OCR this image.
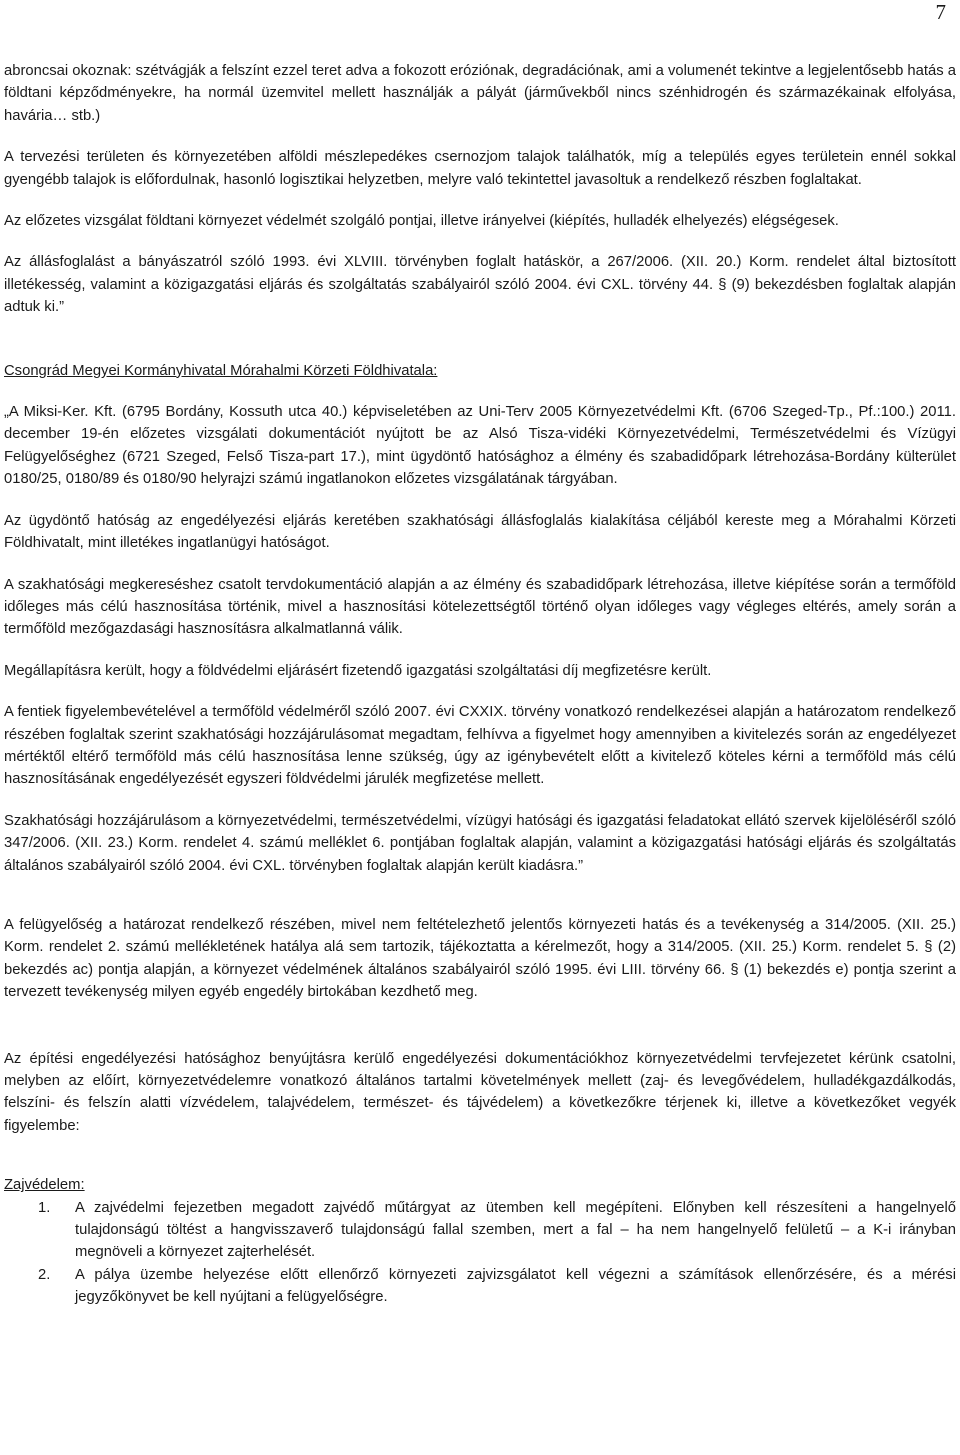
7

abroncsai okoznak: szétvágják a felszínt ezzel teret adva a fokozott eróziónak, degradációnak, ami a volumenét tekintve a legjelentősebb hatás a földtani képződményekre, ha normál üzemvitel mellett használják a pályát (járművekből nincs szénhidrogén és származékainak elfolyása, havária… stb.)

A tervezési területen és környezetében alföldi mészlepedékes csernozjom talajok találhatók, míg a település egyes területein ennél sokkal gyengébb talajok is előfordulnak, hasonló logisztikai helyzetben, melyre való tekintettel javasoltuk a rendelkező részben foglaltakat.

Az előzetes vizsgálat földtani környezet védelmét szolgáló pontjai, illetve irányelvei (kiépítés, hulladék elhelyezés) elégségesek.

Az állásfoglalást a bányászatról szóló 1993. évi XLVIII. törvényben foglalt hatáskör, a 267/2006. (XII. 20.) Korm. rendelet által biztosított illetékesség, valamint a közigazgatási eljárás és szolgáltatás szabályairól szóló 2004. évi CXL. törvény 44. § (9) bekezdésben foglaltak alapján adtuk ki.”

Csongrád Megyei Kormányhivatal Mórahalmi Körzeti Földhivatala:

„A Miksi-Ker. Kft. (6795 Bordány, Kossuth utca 40.) képviseletében az Uni-Terv 2005 Környezetvédelmi Kft. (6706 Szeged-Tp., Pf.:100.) 2011. december 19-én előzetes vizsgálati dokumentációt nyújtott be az Alsó Tisza-vidéki Környezetvédelmi, Természetvédelmi és Vízügyi Felügyelőséghez (6721 Szeged, Felső Tisza-part 17.), mint ügydöntő hatósághoz a élmény és szabadidőpark létrehozása-Bordány külterület 0180/25, 0180/89 és 0180/90 helyrajzi számú ingatlanokon előzetes vizsgálatának tárgyában.

Az ügydöntő hatóság az engedélyezési eljárás keretében szakhatósági állásfoglalás kialakítása céljából kereste meg a Mórahalmi Körzeti Földhivatalt, mint illetékes ingatlanügyi hatóságot.

A szakhatósági megkereséshez csatolt tervdokumentáció alapján a az élmény és szabadidőpark létrehozása, illetve kiépítése során a termőföld időleges más célú hasznosítása történik, mivel a hasznosítási kötelezettségtől történő olyan időleges vagy végleges eltérés, amely során a termőföld mezőgazdasági hasznosításra alkalmatlanná válik.

Megállapításra került, hogy a földvédelmi eljárásért fizetendő igazgatási szolgáltatási díj megfizetésre került.

A fentiek figyelembevételével a termőföld védelméről szóló 2007. évi CXXIX. törvény vonatkozó rendelkezései alapján a határozatom rendelkező részében foglaltak szerint szakhatósági hozzájárulásomat megadtam, felhívva a figyelmet hogy amennyiben a kivitelezés során az engedélyezet mértéktől eltérő termőföld más célú hasznosítása lenne szükség, úgy az igénybevételt előtt a kivitelező köteles kérni a termőföld más célú hasznosításának engedélyezését egyszeri földvédelmi járulék megfizetése mellett.

Szakhatósági hozzájárulásom a környezetvédelmi, természetvédelmi, vízügyi hatósági és igazgatási feladatokat ellátó szervek kijelöléséről szóló 347/2006. (XII. 23.) Korm. rendelet 4. számú melléklet 6. pontjában foglaltak alapján, valamint a közigazgatási hatósági eljárás és szolgáltatás általános szabályairól szóló 2004. évi CXL. törvényben foglaltak alapján került kiadásra.”

A felügyelőség a határozat rendelkező részében, mivel nem feltételezhető jelentős környezeti hatás és a tevékenység a 314/2005. (XII. 25.) Korm. rendelet 2. számú mellékletének hatálya alá sem tartozik, tájékoztatta a kérelmezőt, hogy a 314/2005. (XII. 25.) Korm. rendelet 5. § (2) bekezdés ac) pontja alapján, a környezet védelmének általános szabályairól szóló 1995. évi LIII. törvény 66. § (1) bekezdés e) pontja szerint a tervezett tevékenység milyen egyéb engedély birtokában kezdhető meg.

Az építési engedélyezési hatósághoz benyújtásra kerülő engedélyezési dokumentációkhoz környezetvédelmi tervfejezetet kérünk csatolni, melyben az előírt, környezetvédelemre vonatkozó általános tartalmi követelmények mellett (zaj- és levegővédelem, hulladékgazdálkodás, felszíni- és felszín alatti vízvédelem, talajvédelem, természet- és tájvédelem) a következőkre térjenek ki, illetve a következőket vegyék figyelembe:

Zajvédelem:

1. A zajvédelmi fejezetben megadott zajvédő műtárgyat az ütemben kell megépíteni. Előnyben kell részesíteni a hangelnyelő tulajdonságú töltést a hangvisszaverő tulajdonságú fallal szemben, mert a fal – ha nem hangelnyelő felületű – a K-i irányban megnöveli a környezet zajterhelését.
2. A pálya üzembe helyezése előtt ellenőrző környezeti zajvizsgálatot kell végezni a számítások ellenőrzésére, és a mérési jegyzőkönyvet be kell nyújtani a felügyelőségre.
